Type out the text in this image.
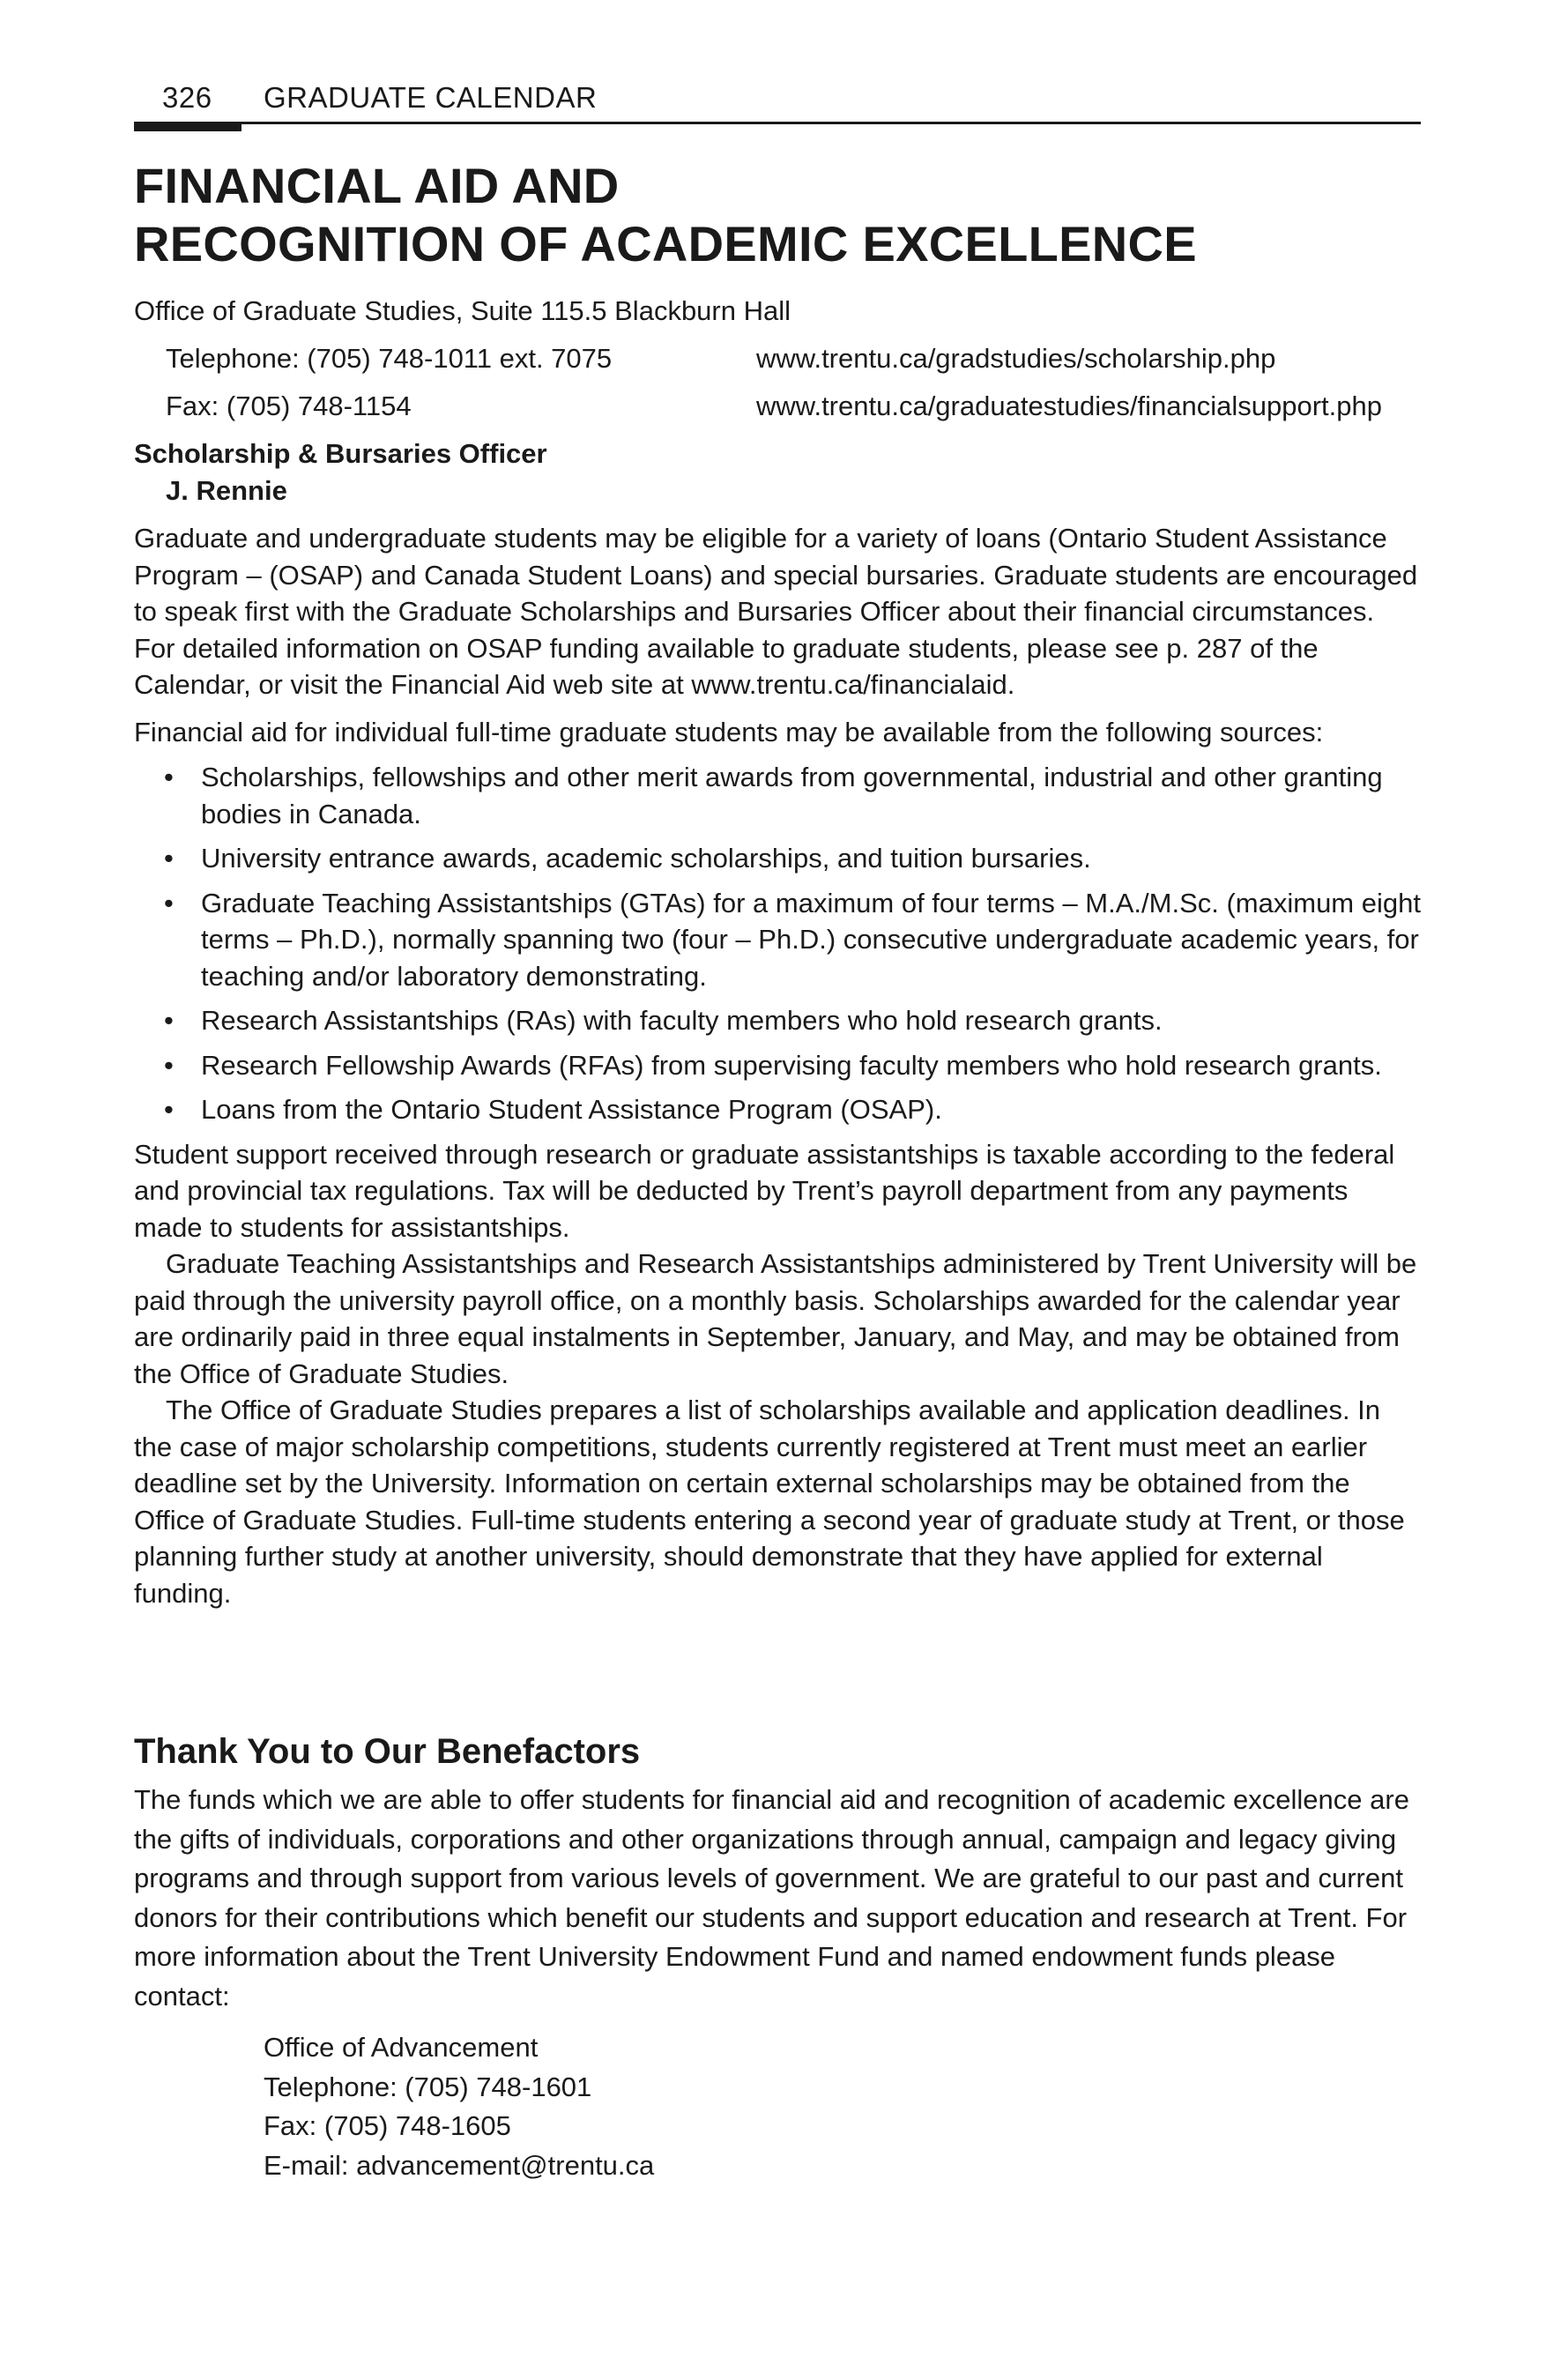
326 GRADUATE CALENDAR
FINANCIAL AID AND
RECOGNITION OF ACADEMIC EXCELLENCE
Office of Graduate Studies, Suite 115.5 Blackburn Hall
Telephone: (705) 748-1011 ext. 7075	www.trentu.ca/gradstudies/scholarship.php
Fax: (705) 748-1154	www.trentu.ca/graduatestudies/financialsupport.php
Scholarship & Bursaries Officer
J. Rennie

Graduate and undergraduate students may be eligible for a variety of loans (Ontario Student Assistance Program – (OSAP) and Canada Student Loans) and special bursaries. Graduate students are encouraged to speak first with the Graduate Scholarships and Bursaries Officer about their financial circumstances. For detailed information on OSAP funding available to graduate students, please see p. 287 of the Calendar, or visit the Financial Aid web site at www.trentu.ca/financialaid.

Financial aid for individual full-time graduate students may be available from the following sources:

• Scholarships, fellowships and other merit awards from governmental, industrial and other granting bodies in Canada.
• University entrance awards, academic scholarships, and tuition bursaries.
• Graduate Teaching Assistantships (GTAs) for a maximum of four terms – M.A./M.Sc. (maximum eight terms – Ph.D.), normally spanning two (four – Ph.D.) consecutive undergraduate academic years, for teaching and/or laboratory demonstrating.
• Research Assistantships (RAs) with faculty members who hold research grants.
• Research Fellowship Awards (RFAs) from supervising faculty members who hold research grants.
• Loans from the Ontario Student Assistance Program (OSAP).

Student support received through research or graduate assistantships is taxable according to the federal and provincial tax regulations. Tax will be deducted by Trent’s payroll department from any payments made to students for assistantships.

Graduate Teaching Assistantships and Research Assistantships administered by Trent University will be paid through the university payroll office, on a monthly basis. Scholarships awarded for the calendar year are ordinarily paid in three equal instalments in September, January, and May, and may be obtained from the Office of Graduate Studies.

The Office of Graduate Studies prepares a list of scholarships available and application deadlines. In the case of major scholarship competitions, students currently registered at Trent must meet an earlier deadline set by the University. Information on certain external scholarships may be obtained from the Office of Graduate Studies. Full-time students entering a second year of graduate study at Trent, or those planning further study at another university, should demonstrate that they have applied for external funding.

Thank You to Our Benefactors

The funds which we are able to offer students for financial aid and recognition of academic excellence are the gifts of individuals, corporations and other organizations through annual, campaign and legacy giving programs and through support from various levels of government. We are grateful to our past and current donors for their contributions which benefit our students and support education and research at Trent. For more information about the Trent University Endowment Fund and named endowment funds please contact:

Office of Advancement
Telephone: (705) 748-1601
Fax: (705) 748-1605
E-mail: advancement@trentu.ca
